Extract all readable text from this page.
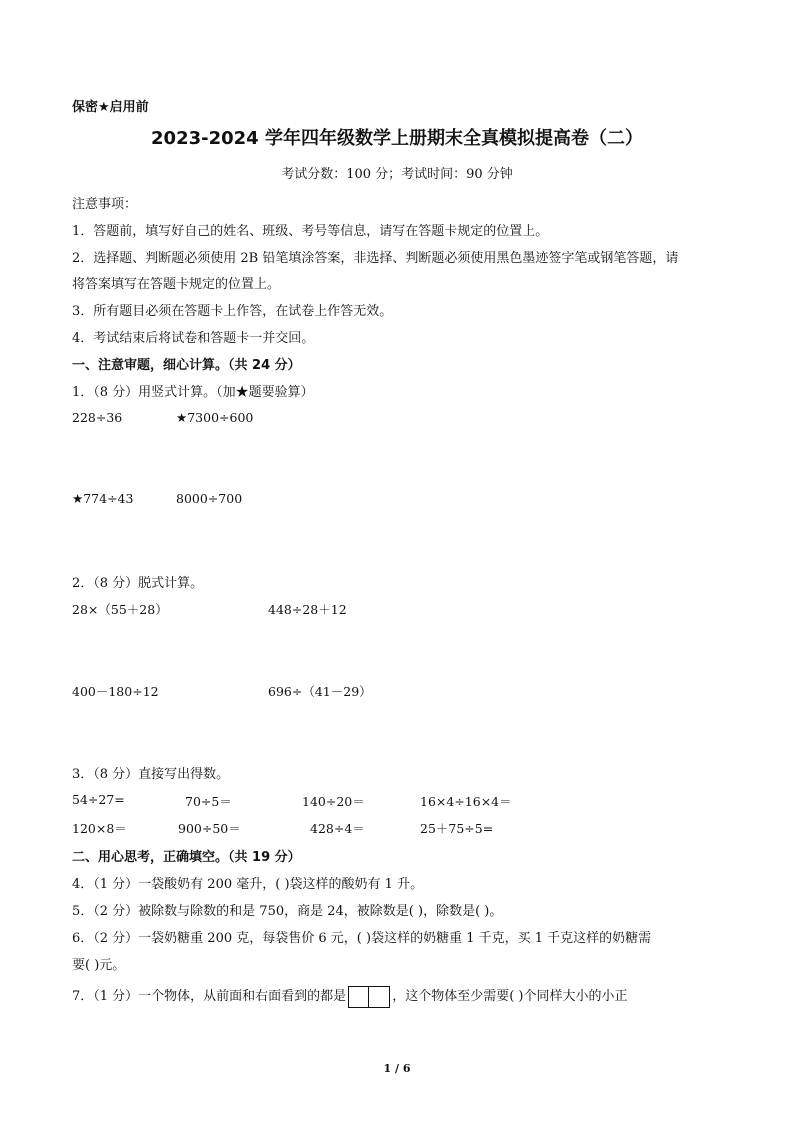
保密★启用前
2023-2024 学年四年级数学上册期末全真模拟提高卷（二）
考试分数：100 分；考试时间：90 分钟
注意事项：
1．答题前，填写好自己的姓名、班级、考号等信息，请写在答题卡规定的位置上。
2．选择题、判断题必须使用 2B 铅笔填涂答案，非选择、判断题必须使用黑色墨迹签字笔或钢笔答题，请
将答案填写在答题卡规定的位置上。
3．所有题目必须在答题卡上作答，在试卷上作答无效。
4．考试结束后将试卷和答题卡一并交回。
一、注意审题，细心计算。（共 24 分）
1．（8 分）用竖式计算。（加★题要验算）
228÷36	★7300÷600
★774÷43	8000÷700
2．（8 分）脱式计算。
28×（55＋28）	448÷28＋12
400－180÷12	696÷（41－29）
3．（8 分）直接写出得数。
54÷27=	70÷5＝	140÷20＝	16×4÷16×4＝
120×8＝	900÷50＝	428÷4＝	25＋75÷5=
二、用心思考，正确填空。（共 19 分）
4．（1 分）一袋酸奶有 200 毫升，( )袋这样的酸奶有 1 升。
5．（2 分）被除数与除数的和是 750，商是 24，被除数是( )，除数是( )。
6．（2 分）一袋奶糖重 200 克，每袋售价 6 元，( )袋这样的奶糖重 1 千克，买 1 千克这样的奶糖需
要( )元。
7．（1 分）一个物体，从前面和右面看到的都是	，这个物体至少需要( )个同样大小的小正
1 / 6
